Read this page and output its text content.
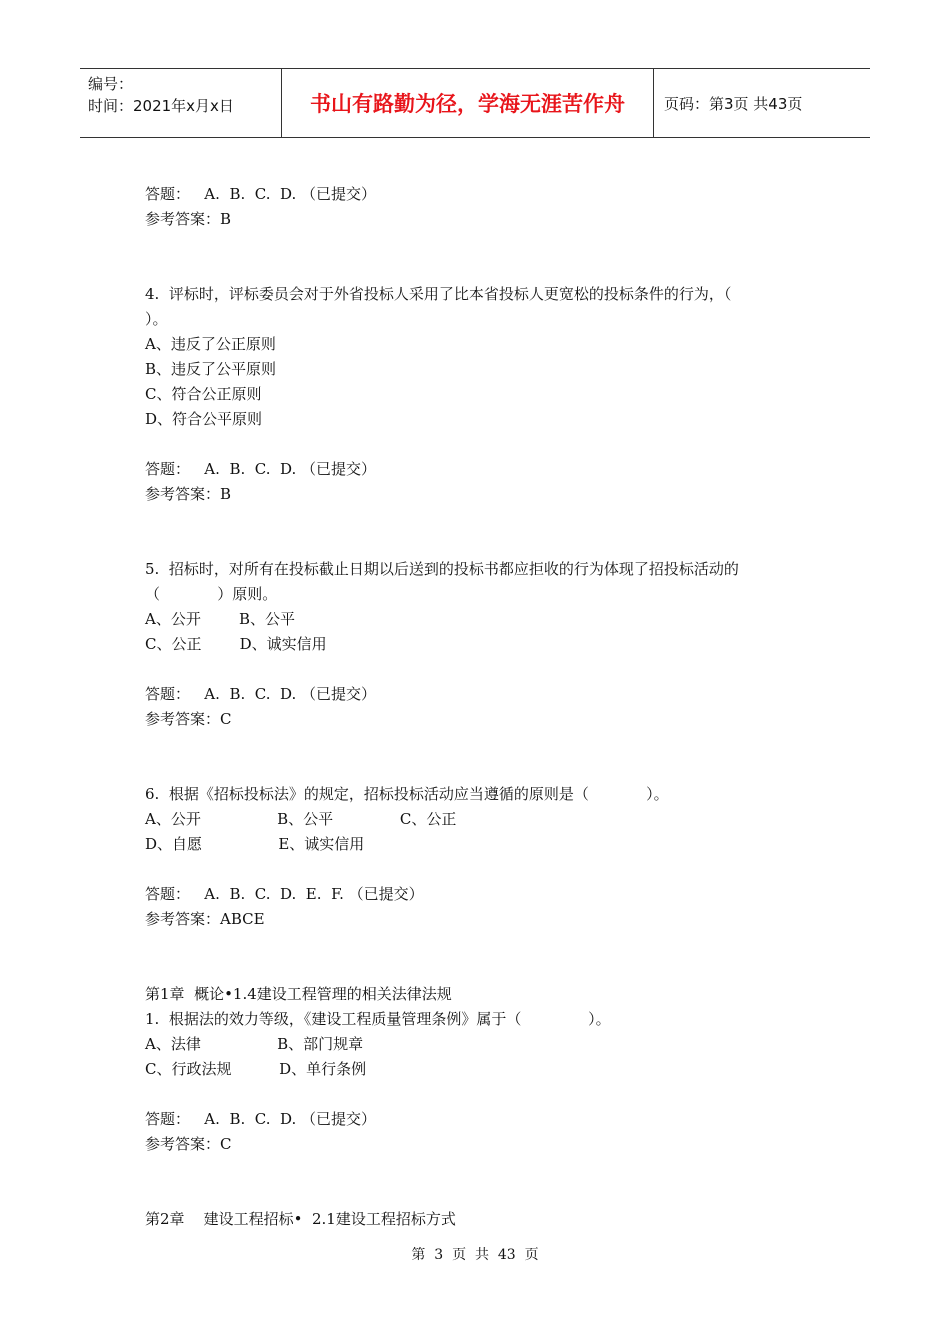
编号：
时间：2021年x月x日	书山有路勤为径，学海无涯苦作舟	页码：第3页 共43页
答题：   A.  B.  C.  D. （已提交）
参考答案：B
4.  评标时，评标委员会对于外省投标人采用了比本省投标人更宽松的投标条件的行为，（
）。
A、违反了公正原则
B、违反了公平原则
C、符合公正原则
D、符合公平原则
答题：   A.  B.  C.  D. （已提交）
参考答案：B
5.  招标时，对所有在投标截止日期以后送到的投标书都应拒收的行为体现了招投标活动的
（            ）原则。
A、公开        B、公平
C、公正        D、诚实信用
答题：   A.  B.  C.  D. （已提交）
参考答案：C
6.  根据《招标投标法》的规定，招标投标活动应当遵循的原则是（            ）。
A、公开                B、公平              C、公正
D、自愿                E、诚实信用
答题：   A.  B.  C.  D.  E.  F. （已提交）
参考答案：ABCE
第1章  概论•1.4建设工程管理的相关法律法规
1.  根据法的效力等级，《建设工程质量管理条例》属于（              ）。
A、法律                B、部门规章
C、行政法规          D、单行条例
答题：   A.  B.  C.  D. （已提交）
参考答案：C
第2章    建设工程招标•  2.1建设工程招标方式
第  3  页  共  43  页
